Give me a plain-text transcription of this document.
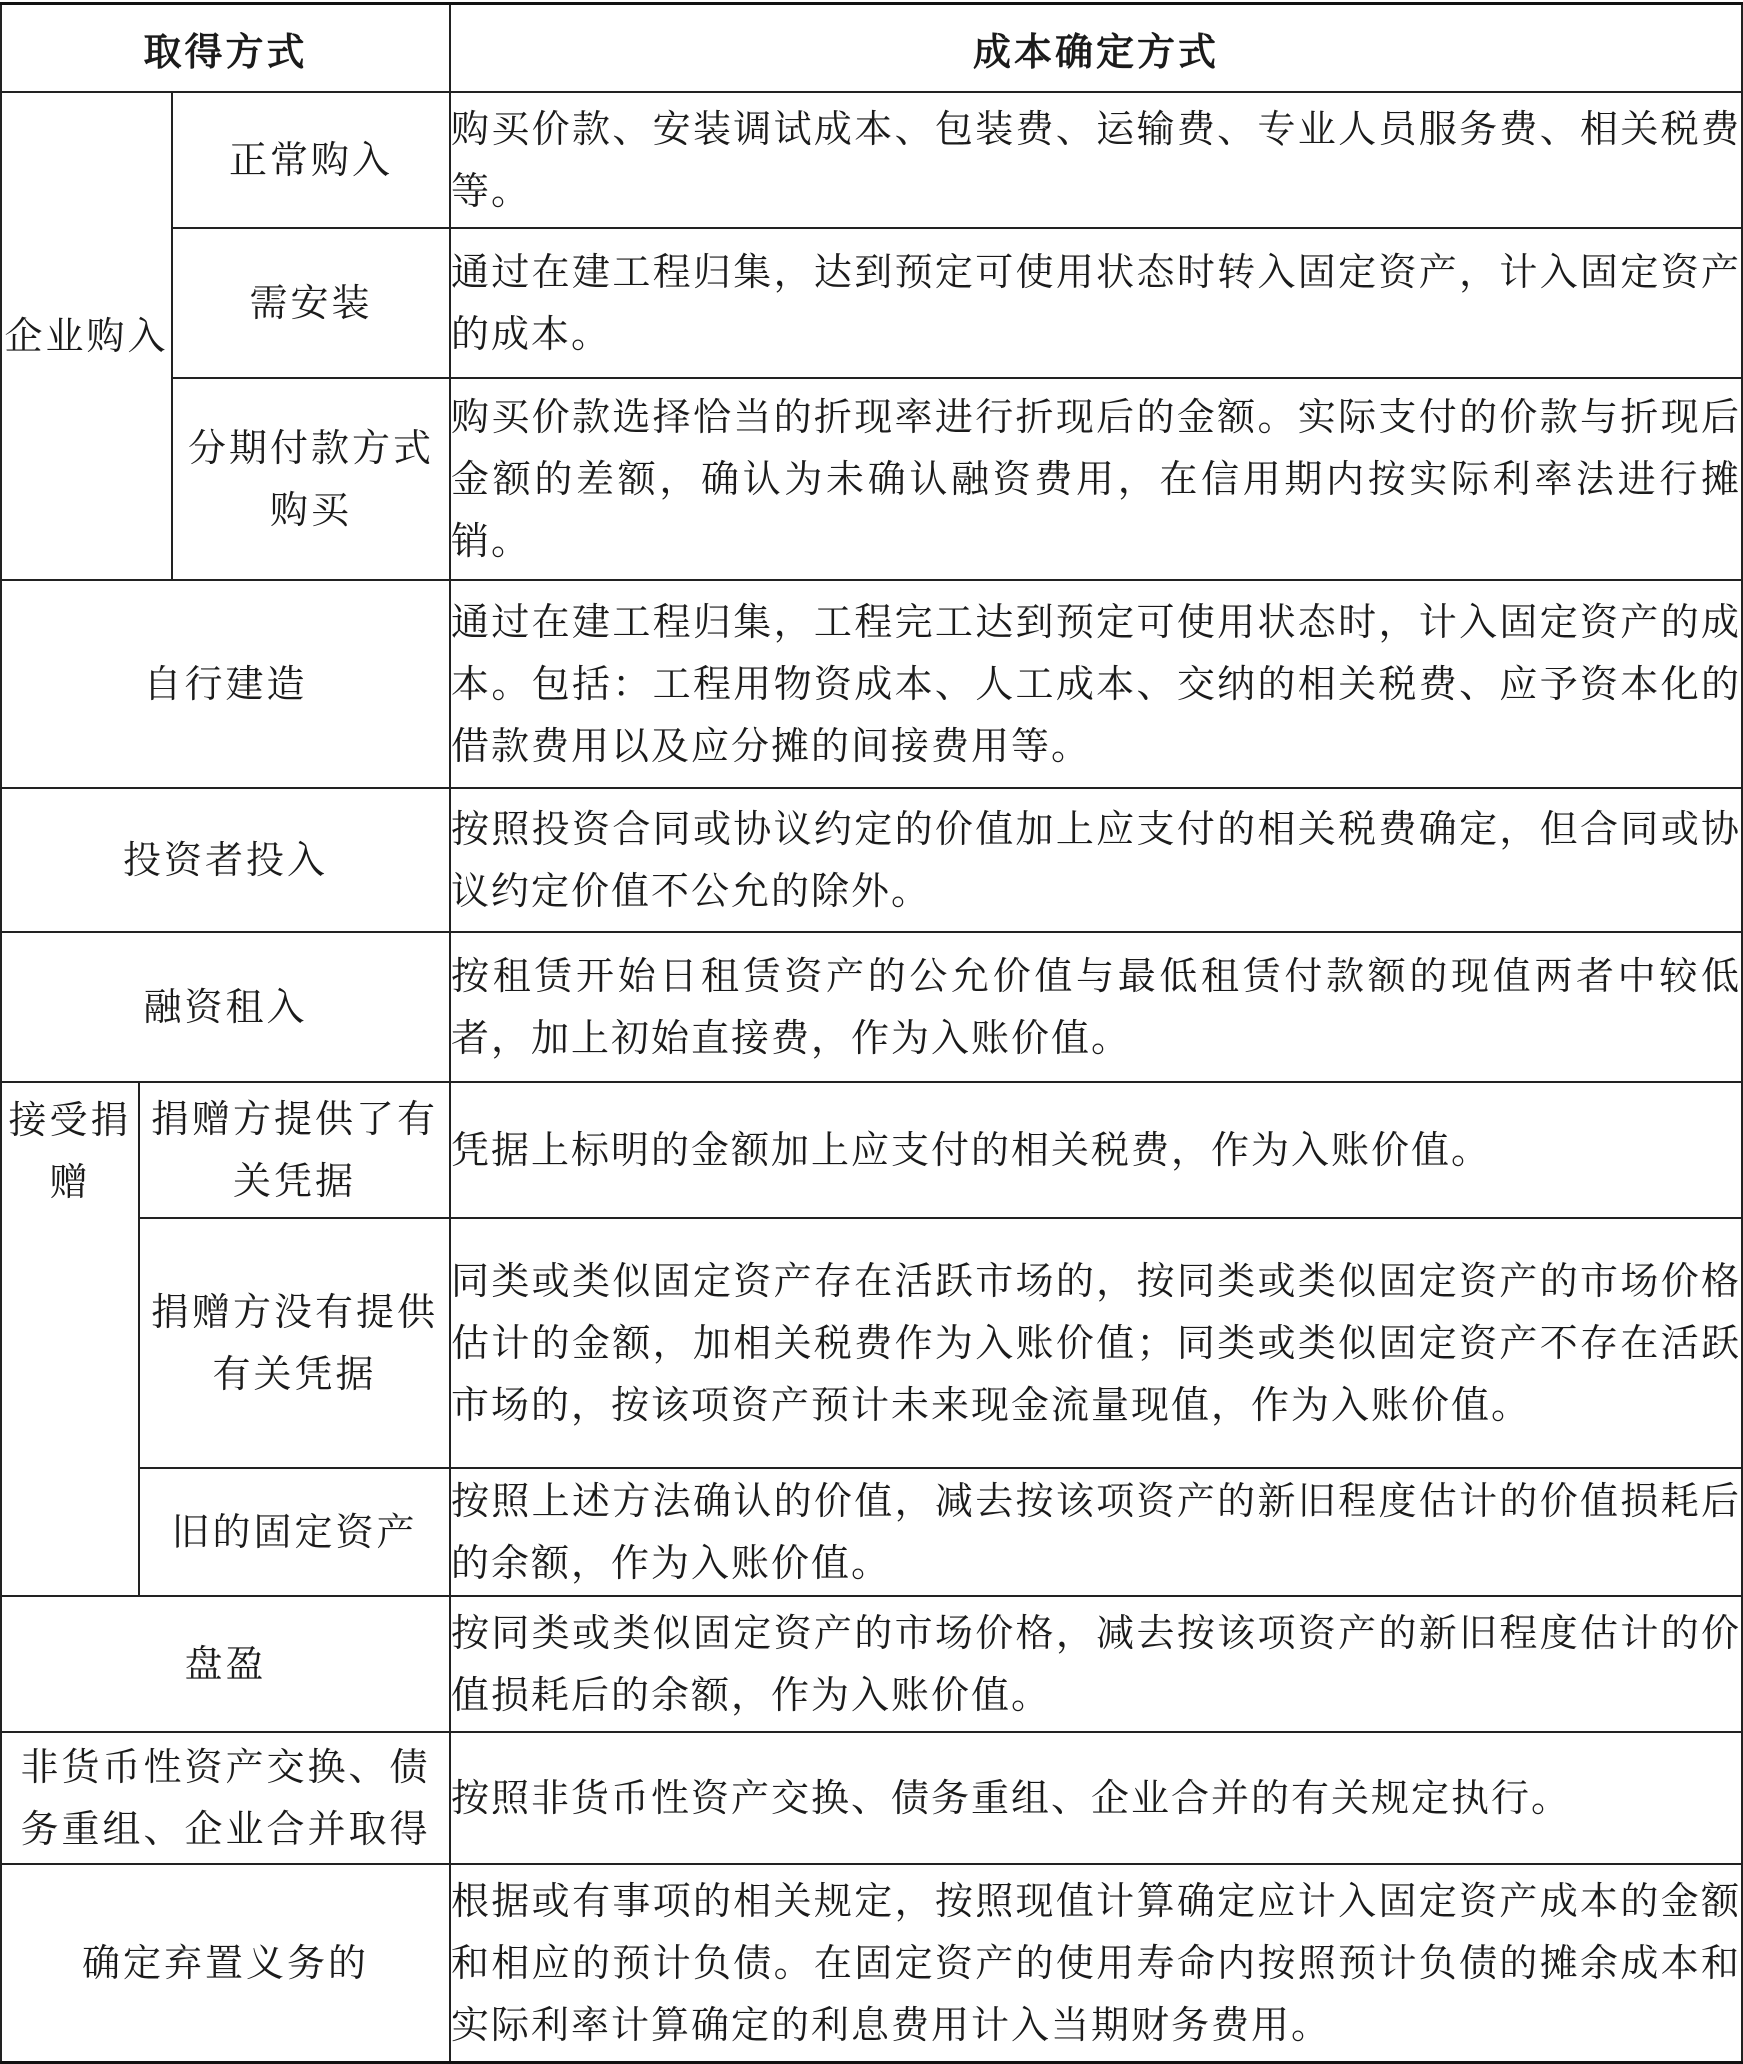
取得方式			成本确定方式
企业购入		正常购入	购买价款、安装调试成本、包装费、运输费、专业人员服务费、相关税费等。
		需安装	通过在建工程归集，达到预定可使用状态时转入固定资产，计入固定资产的成本。
		分期付款方式购买	购买价款选择恰当的折现率进行折现后的金额。实际支付的价款与折现后金额的差额，确认为未确认融资费用，在信用期内按实际利率法进行摊销。
自行建造			通过在建工程归集，工程完工达到预定可使用状态时，计入固定资产的成本。包括：工程用物资成本、人工成本、交纳的相关税费、应予资本化的借款费用以及应分摊的间接费用等。
投资者投入			按照投资合同或协议约定的价值加上应支付的相关税费确定，但合同或协议约定价值不公允的除外。
融资租入			按租赁开始日租赁资产的公允价值与最低租赁付款额的现值两者中较低者，加上初始直接费，作为入账价值。
接受捐赠	捐赠方提供了有关凭据		凭据上标明的金额加上应支付的相关税费，作为入账价值。
	捐赠方没有提供有关凭据		同类或类似固定资产存在活跃市场的，按同类或类似固定资产的市场价格估计的金额，加相关税费作为入账价值；同类或类似固定资产不存在活跃市场的，按该项资产预计未来现金流量现值，作为入账价值。
	旧的固定资产		按照上述方法确认的价值，减去按该项资产的新旧程度估计的价值损耗后的余额，作为入账价值。
盘盈			按同类或类似固定资产的市场价格，减去按该项资产的新旧程度估计的价值损耗后的余额，作为入账价值。
非货币性资产交换、债务重组、企业合并取得			按照非货币性资产交换、债务重组、企业合并的有关规定执行。
确定弃置义务的			根据或有事项的相关规定，按照现值计算确定应计入固定资产成本的金额和相应的预计负债。在固定资产的使用寿命内按照预计负债的摊余成本和实际利率计算确定的利息费用计入当期财务费用。
